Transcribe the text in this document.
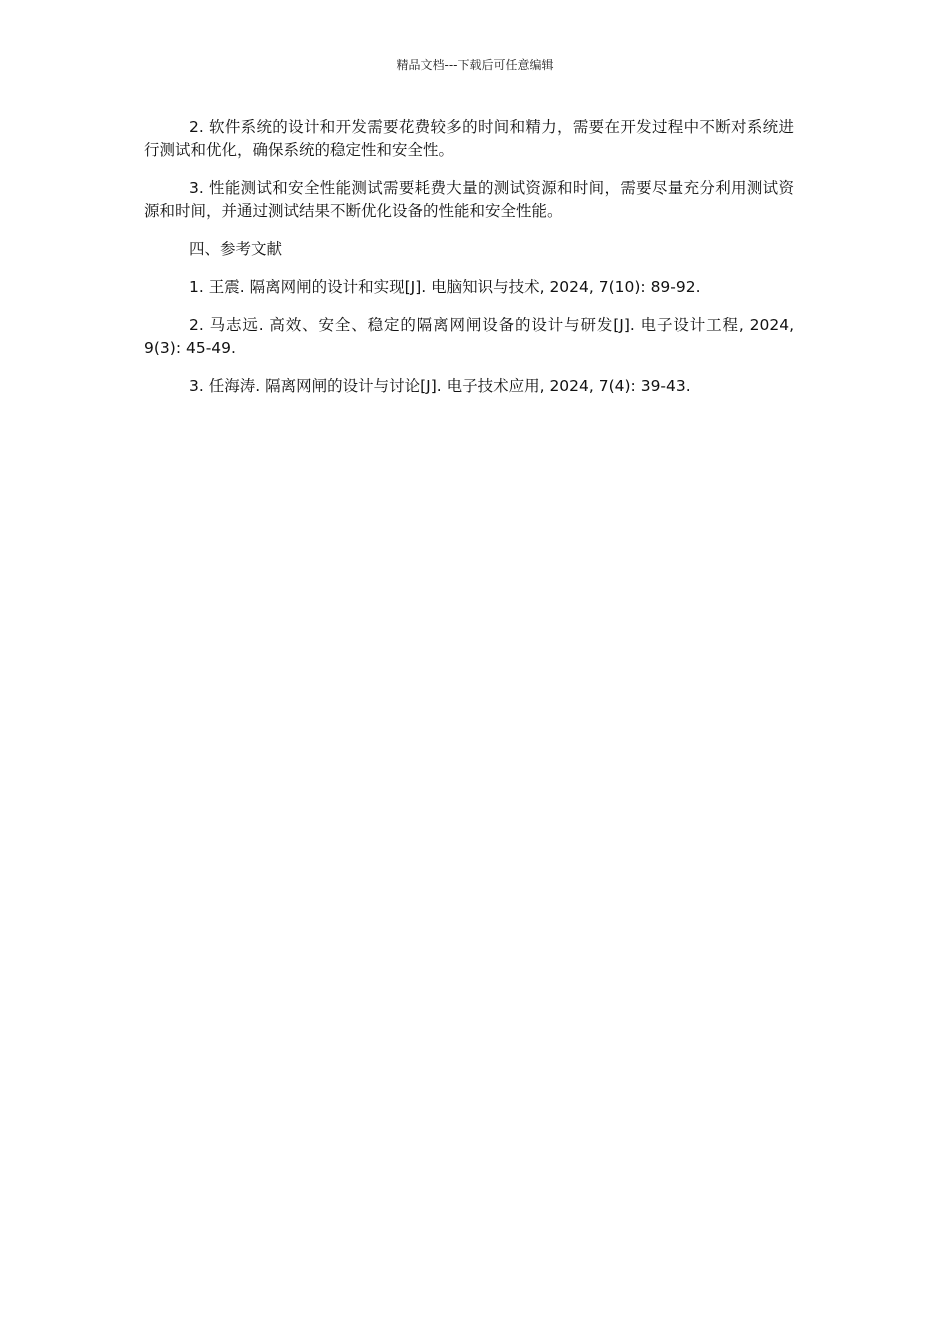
精品文档---下载后可任意编辑

2. 软件系统的设计和开发需要花费较多的时间和精力，需要在开发过程中不断对系统进行测试和优化，确保系统的稳定性和安全性。

3. 性能测试和安全性能测试需要耗费大量的测试资源和时间，需要尽量充分利用测试资源和时间，并通过测试结果不断优化设备的性能和安全性能。

四、参考文献

1. 王震. 隔离网闸的设计和实现[J]. 电脑知识与技术, 2024, 7(10): 89-92.

2. 马志远. 高效、安全、稳定的隔离网闸设备的设计与研发[J]. 电子设计工程, 2024, 9(3): 45-49.

3. 任海涛. 隔离网闸的设计与讨论[J]. 电子技术应用, 2024, 7(4): 39-43.
